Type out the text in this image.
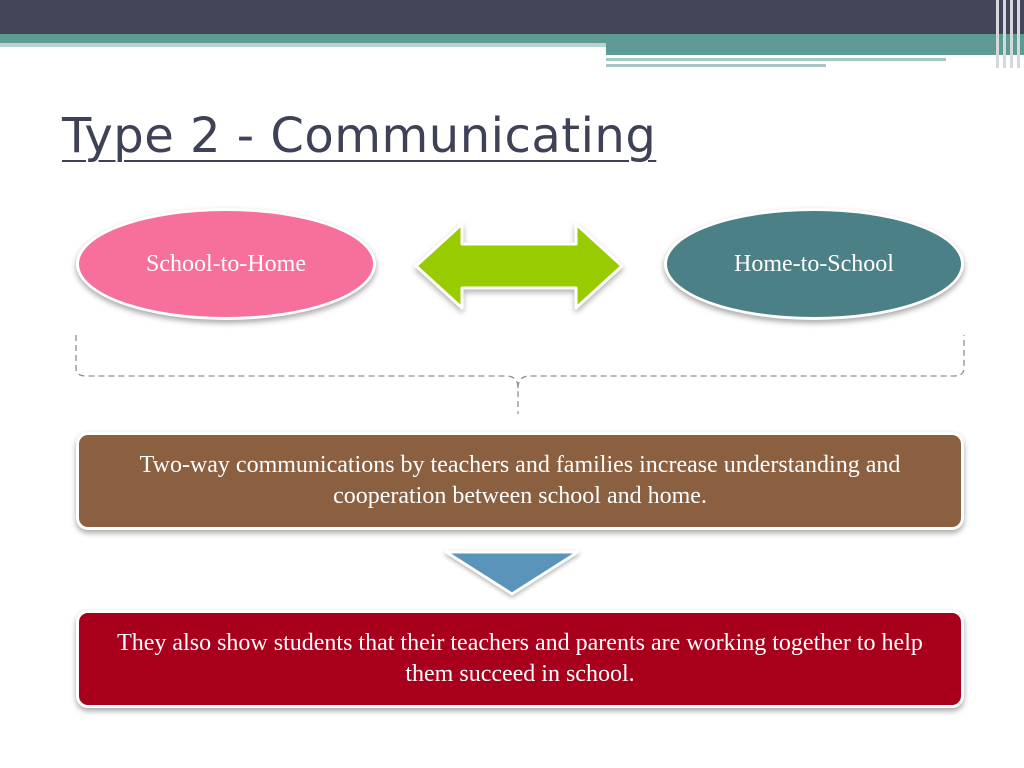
Type 2 - Communicating
School-to-Home	Home-to-School
Two-way communications by teachers and families increase understanding and cooperation between school and home.
They also show students that their teachers and parents are working together to help them succeed in school.
